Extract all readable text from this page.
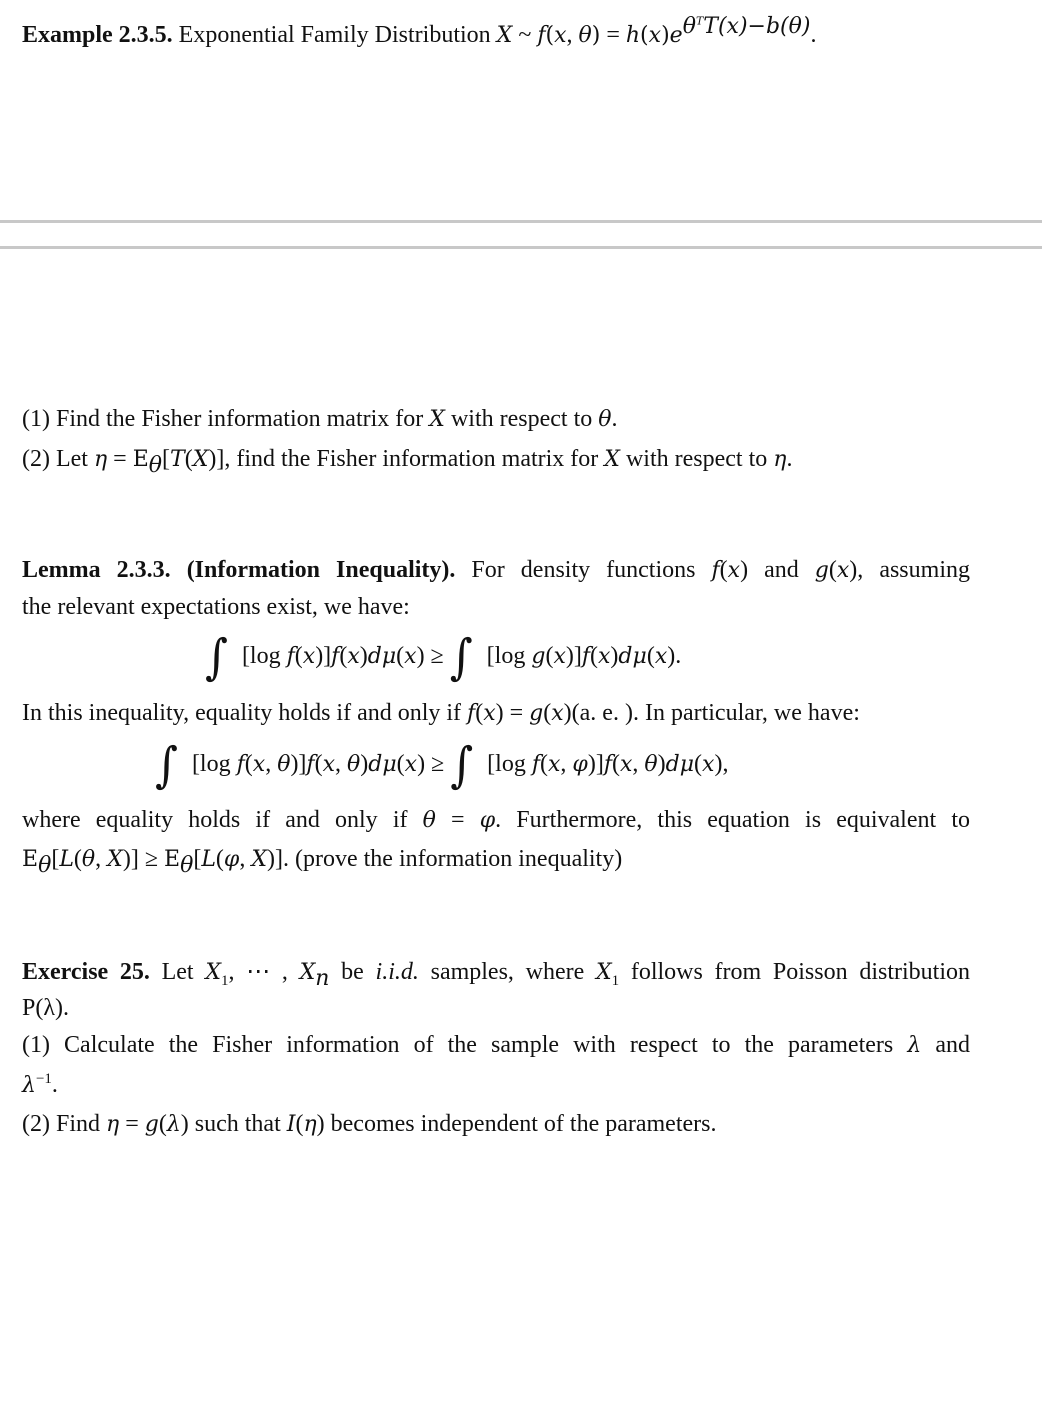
Example 2.3.5. Exponential Family Distribution X ~ f(x, $\theta) = h(x)e^{\theta^TT(x)-b(\theta)}$.
(1) Find the Fisher information matrix for X with respect to θ.
(2) Let $\eta = E_\theta[T(X)]$, find the Fisher information matrix for X with respect to η.
Lemma 2.3.3. (Information Inequality). For density functions f(x) and g(x), assuming
the relevant expectations exist, we have:
∫ [log f(x)]f(x)dμ(x) ≥ ∫ [log g(x)]f(x)dμ(x).
In this inequality, equality holds if and only if f(x) = g(x)(a. e. ). In particular, we have:
∫ [log f(x, θ)]f(x, θ)dμ(x) ≥ ∫ [log f(x, φ)]f(x, θ)dμ(x),
where equality holds if and only if θ = φ. Furthermore, this equation is equivalent to
$E_\theta[L(\theta$, $X)] \ge E_\theta[L(\varphi$, X)]. (prove the information inequality)
Exercise 25. Let $X_1$, ⋯ , $X_n$ be i.i.d. samples, where $X_1$ follows from Poisson distribution
P(λ).
(1) Calculate the Fisher information of the sample with respect to the parameters λ and
$\lambda^{-1}$.
(2) Find η = g(λ) such that I(η) becomes independent of the parameters.
